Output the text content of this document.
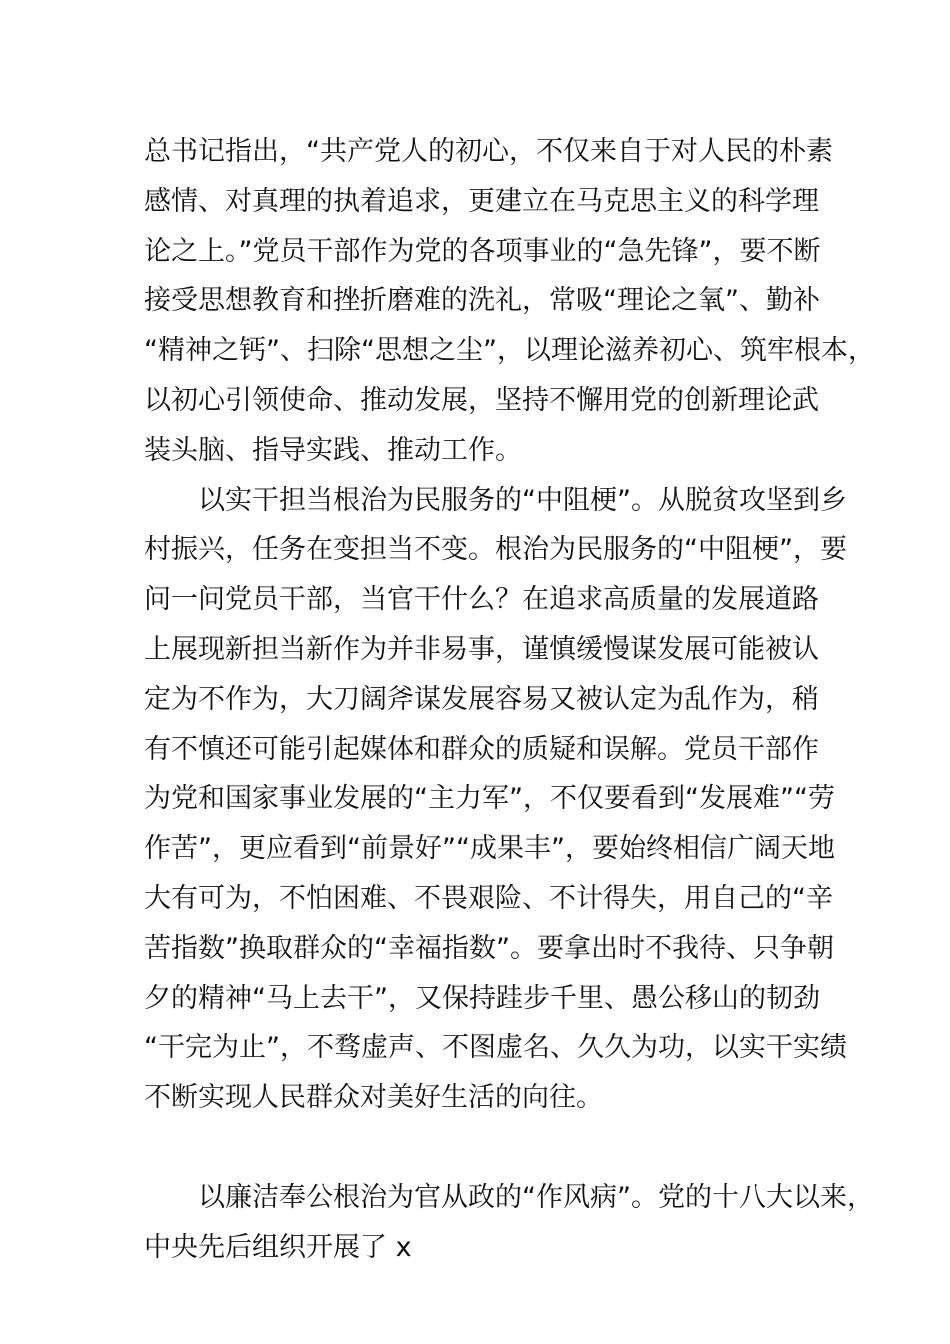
总书记指出，“共产党人的初心，不仅来自于对人民的朴素
感情、对真理的执着追求，更建立在马克思主义的科学理
论之上。”党员干部作为党的各项事业的“急先锋”，要不断
接受思想教育和挫折磨难的洗礼，常吸“理论之氧”、勤补
“精神之钙”、扫除“思想之尘”，以理论滋养初心、筑牢根本，
以初心引领使命、推动发展，坚持不懈用党的创新理论武
装头脑、指导实践、推动工作。
以实干担当根治为民服务的“中阻梗”。从脱贫攻坚到乡
村振兴，任务在变担当不变。根治为民服务的“中阻梗”，要
问一问党员干部，当官干什么？在追求高质量的发展道路
上展现新担当新作为并非易事，谨慎缓慢谋发展可能被认
定为不作为，大刀阔斧谋发展容易又被认定为乱作为，稍
有不慎还可能引起媒体和群众的质疑和误解。党员干部作
为党和国家事业发展的“主力军”，不仅要看到“发展难”“劳
作苦”，更应看到“前景好”“成果丰”，要始终相信广阔天地
大有可为，不怕困难、不畏艰险、不计得失，用自己的“辛
苦指数”换取群众的“幸福指数”。要拿出时不我待、只争朝
夕的精神“马上去干”，又保持跬步千里、愚公移山的韧劲
“干完为止”，不骛虚声、不图虚名、久久为功，以实干实绩
不断实现人民群众对美好生活的向往。
以廉洁奉公根治为官从政的“作风病”。党的十八大以来，
中央先后组织开展了 x
